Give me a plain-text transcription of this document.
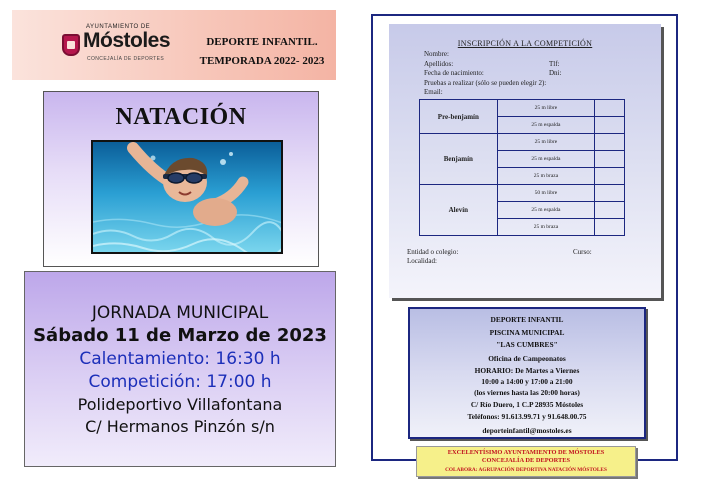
AYUNTAMIENTO DE
Móstoles
CONCEJALÍA DE DEPORTES
DEPORTE INFANTIL.
TEMPORADA 2022- 2023
NATACIÓN
JORNADA MUNICIPAL
Sábado 11 de Marzo de 2023
Calentamiento: 16:30 h
Competición: 17:00 h
Polideportivo Villafontana
C/ Hermanos Pinzón s/n
INSCRIPCIÓN A LA COMPETICIÓN
Nombre:
Apellidos:	Tlf:
Fecha de nacimiento:	Dni:
Pruebas a realizar (sólo se pueden elegir 2):
Email:
Pre-benjamín	25 m libre	
	25 m espalda	
Benjamín	25 m libre	
	25 m espalda	
	25 m braza	
Alevín	50 m libre	
	25 m espalda	
	25 m braza	
Entidad o colegio:	Curso:
Localidad:
DEPORTE INFANTIL
PISCINA MUNICIPAL
"LAS CUMBRES"
Oficina de Campeonatos
HORARIO: De Martes a Viernes
10:00 a 14:00 y 17:00 a 21:00
(los viernes hasta las 20:00 horas)
C/ Río Duero, 1 C.P 28935 Móstoles
Teléfonos: 91.613.99.71 y 91.648.00.75
deporteinfantil@mostoles.es
EXCELENTÍSIMO AYUNTAMIENTO DE MÓSTOLES
CONCEJALÍA DE DEPORTES
COLABORA: AGRUPACIÓN DEPORTIVA NATACIÓN MÓSTOLES
